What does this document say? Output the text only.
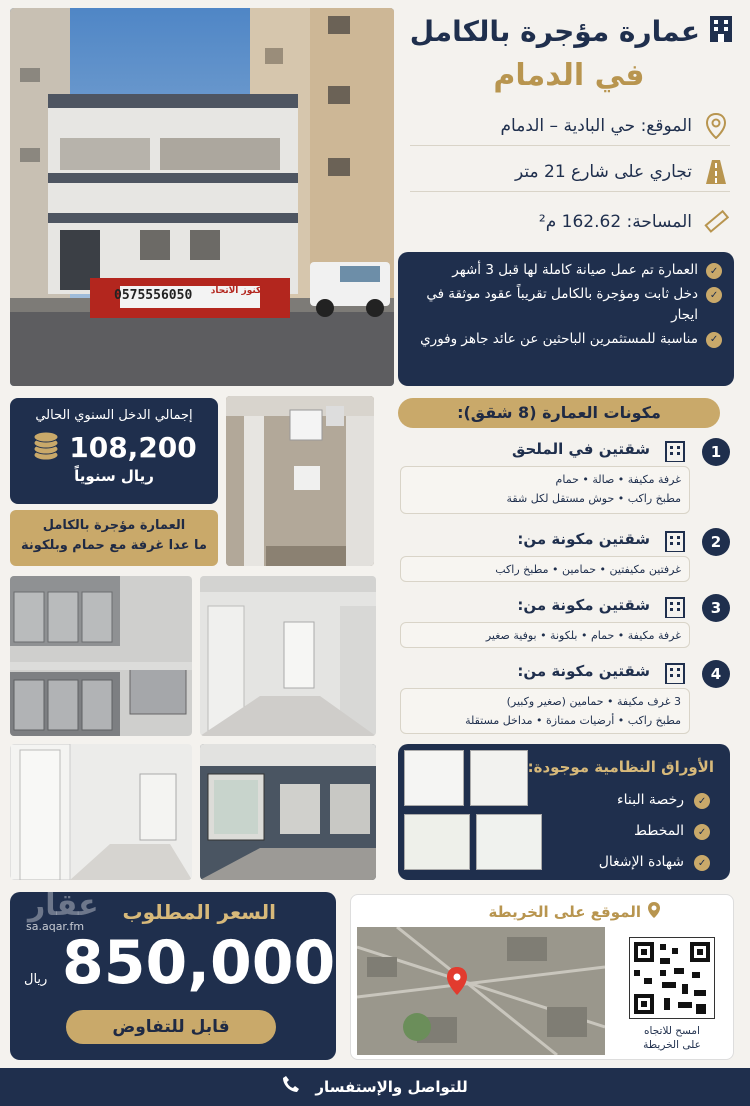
0575556050	كنوز الاتحاد
عمارة مؤجرة بالكامل
في الدمام
الموقع: حي البادية – الدمام
تجاري على شارع 21 متر
المساحة: 162.62 م²
✓
العمارة تم عمل صيانة كاملة لها قبل 3 أشهر
✓
دخل ثابت ومؤجرة بالكامل تقريباً عقود موثقة في ايجار
✓
مناسبة للمستثمرين الباحثين عن عائد جاهز وفوري
إجمالي الدخل السنوي الحالي
108,200
ريال سنوياً
العمارة مؤجرة بالكامل
ما عدا غرفة مع حمام وبلكونة
مكونات العمارة (8 شقق):
1
شقتين في الملحق
غرفة مكيفة • صالة • حمام
مطبخ راكب • حوش مستقل لكل شقة
2
شقتين مكونة من:
غرفتين مكيفتين • حمامين • مطبخ راكب
3
شقتين مكونة من:
غرفة مكيفة • حمام • بلكونة • بوفية صغير
4
شقتين مكونة من:
3 غرف مكيفة • حمامين (صغير وكبير)
مطبخ راكب • أرضيات ممتازة • مداخل مستقلة
الأوراق النظامية موجودة:
✓
رخصة البناء
✓
المخطط
✓
شهادة الإشغال
عقار
sa.aqar.fm
السعر المطلوب
850,000
ريال
قابل للتفاوض
الموقع على الخريطة
امسح للاتجاه
على الخريطة
للتواصل والإستفسار
